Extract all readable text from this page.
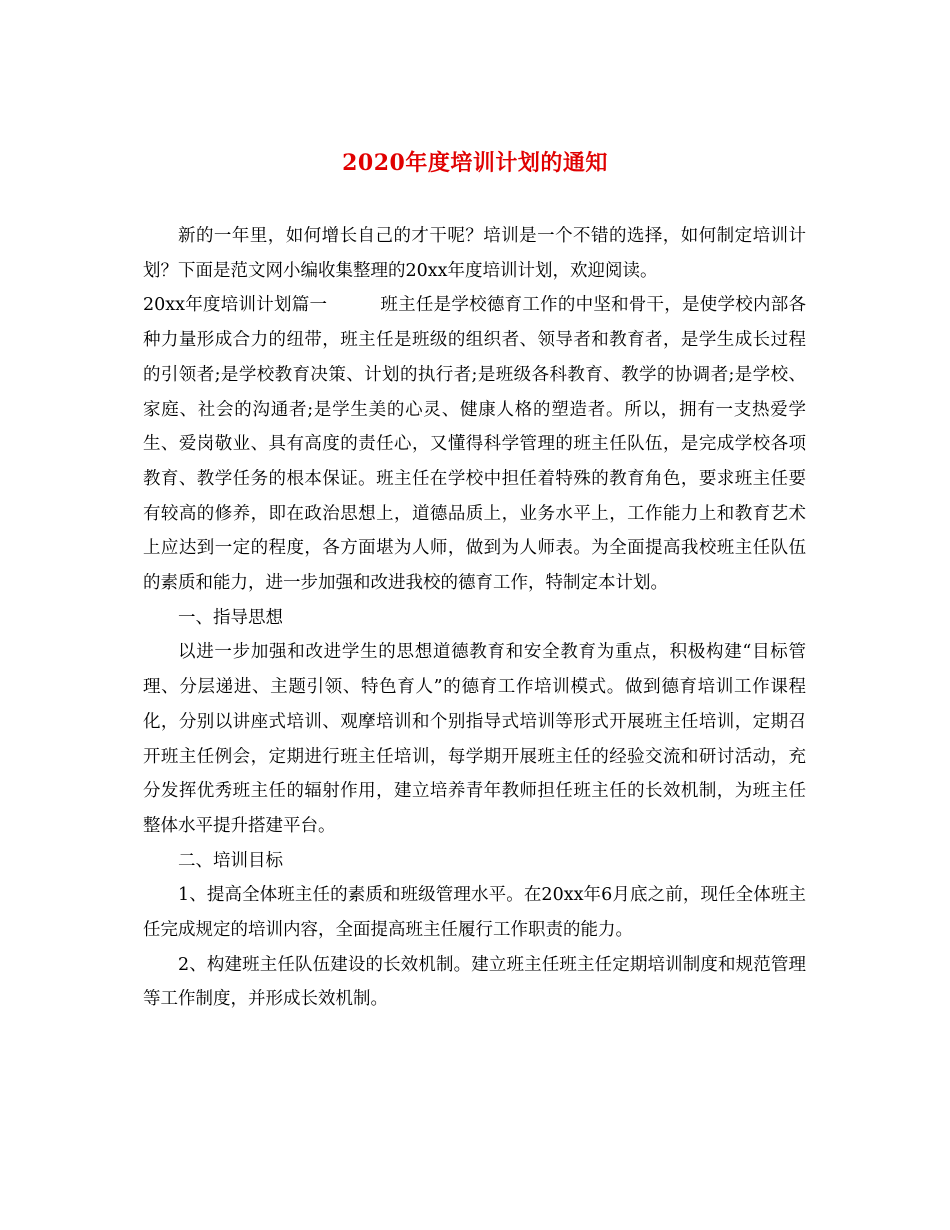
2020年度培训计划的通知

新的一年里，如何增长自己的才干呢？培训是一个不错的选择，如何制定培训计划？下面是范文网小编收集整理的20xx年度培训计划，欢迎阅读。

20xx年度培训计划篇一　　　班主任是学校德育工作的中坚和骨干，是使学校内部各种力量形成合力的纽带，班主任是班级的组织者、领导者和教育者，是学生成长过程的引领者;是学校教育决策、计划的执行者;是班级各科教育、教学的协调者;是学校、家庭、社会的沟通者;是学生美的心灵、健康人格的塑造者。所以，拥有一支热爱学生、爱岗敬业、具有高度的责任心，又懂得科学管理的班主任队伍，是完成学校各项教育、教学任务的根本保证。班主任在学校中担任着特殊的教育角色，要求班主任要有较高的修养，即在政治思想上，道德品质上，业务水平上，工作能力上和教育艺术上应达到一定的程度，各方面堪为人师，做到为人师表。为全面提高我校班主任队伍的素质和能力，进一步加强和改进我校的德育工作，特制定本计划。

一、指导思想

以进一步加强和改进学生的思想道德教育和安全教育为重点，积极构建“目标管理、分层递进、主题引领、特色育人”的德育工作培训模式。做到德育培训工作课程化，分别以讲座式培训、观摩培训和个别指导式培训等形式开展班主任培训，定期召开班主任例会，定期进行班主任培训，每学期开展班主任的经验交流和研讨活动，充分发挥优秀班主任的辐射作用，建立培养青年教师担任班主任的长效机制，为班主任整体水平提升搭建平台。

二、培训目标

1、提高全体班主任的素质和班级管理水平。在20xx年6月底之前，现任全体班主任完成规定的培训内容，全面提高班主任履行工作职责的能力。

2、构建班主任队伍建设的长效机制。建立班主任班主任定期培训制度和规范管理等工作制度，并形成长效机制。
